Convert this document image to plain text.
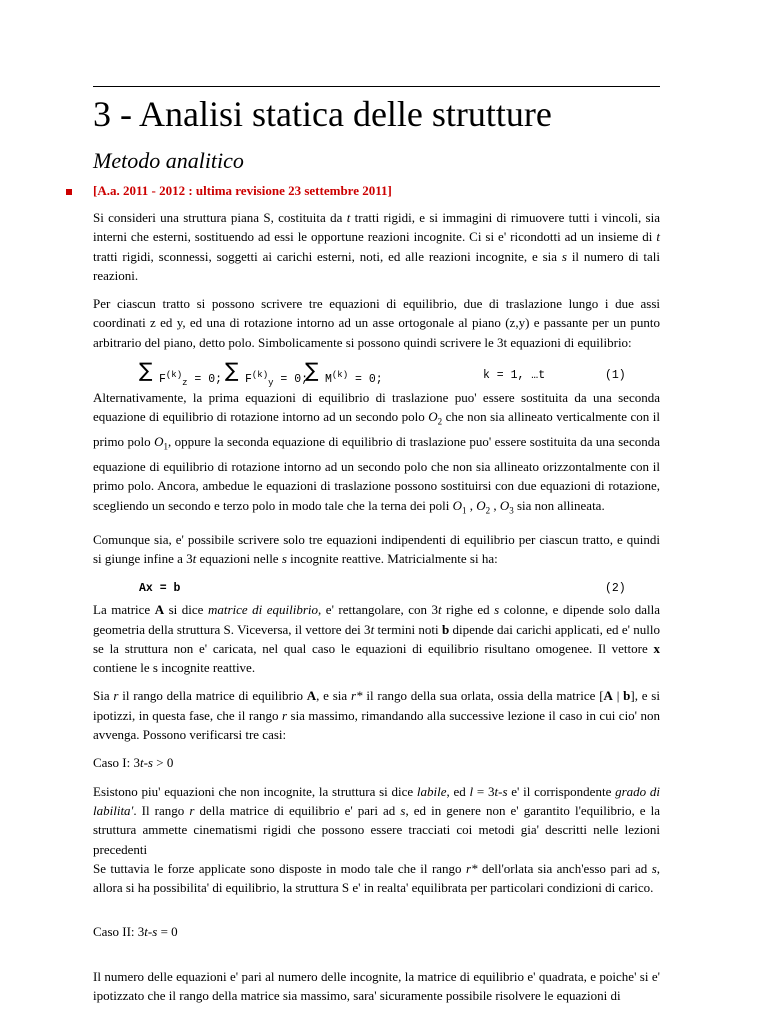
3 - Analisi statica delle strutture
Metodo analitico
[A.a. 2011 - 2012 : ultima revisione 23 settembre 2011]

Si consideri una struttura piana S, costituita da t tratti rigidi, e si immagini di rimuovere tutti i vincoli, sia interni che esterni, sostituendo ad essi le opportune reazioni incognite. Ci si e' ricondotti ad un insieme di t tratti rigidi, sconnessi, soggetti ai carichi esterni, noti, ed alle reazioni incognite, e sia s il numero di tali reazioni.

Per ciascun tratto si possono scrivere tre equazioni di equilibrio, due di traslazione lungo i due assi coordinati z ed y, ed una di rotazione intorno ad un asse ortogonale al piano (z,y) e passante per un punto arbitrario del piano, detto polo. Simbolicamente si possono quindi scrivere le 3t equazioni di equilibrio:

∑ $F^{(k)}_z = 0$; ∑ $F^{(k)}_y = 0$;
∑ $M^{(k)} = 0$;	k = 1, …t	(1)

Alternativamente, la prima equazioni di equilibrio di traslazione puo' essere sostituita da una seconda equazione di equilibrio di rotazione intorno ad un secondo polo $O_2$ che non sia allineato verticalmente con il primo polo $O_1$, oppure la seconda equazione di equilibrio di traslazione puo' essere sostituita da una seconda equazione di equilibrio di rotazione intorno ad un secondo polo che non sia allineato orizzontalmente con il primo polo. Ancora, ambedue le equazioni di traslazione possono sostituirsi con due equazioni di rotazione, scegliendo un secondo e terzo polo in modo tale che la terna dei poli $O_1$ , $O_2$ , $O_3$ sia non allineata.

Comunque sia, e' possibile scrivere solo tre equazioni indipendenti di equilibrio per ciascun tratto, e quindi si giunge infine a 3t equazioni nelle s incognite reattive. Matricialmente si ha:

Ax = b	(2)

La matrice A si dice matrice di equilibrio, e' rettangolare, con 3t righe ed s colonne, e dipende solo dalla geometria della struttura S. Viceversa, il vettore dei 3t termini noti b dipende dai carichi applicati, ed e' nullo se la struttura non e' caricata, nel qual caso le equazioni di equilibrio risultano omogenee. Il vettore x contiene le s incognite reattive.

Sia r il rango della matrice di equilibrio A, e sia r* il rango della sua orlata, ossia della matrice [A | b], e si ipotizzi, in questa fase, che il rango r sia massimo, rimandando alla successive lezione il caso in cui cio' non avvenga. Possono verificarsi tre casi:

Caso I: 3t-s > 0

Esistono piu' equazioni che non incognite, la struttura si dice labile, ed l = 3t-s e' il corrispondente grado di labilita'. Il rango r della matrice di equilibrio e' pari ad s, ed in genere non e' garantito l'equilibrio, e la struttura ammette cinematismi rigidi che possono essere tracciati coi metodi gia' descritti nelle lezioni precedenti

Se tuttavia le forze applicate sono disposte in modo tale che il rango r* dell'orlata sia anch'esso pari ad s, allora si ha possibilita' di equilibrio, la struttura S e' in realta' equilibrata per particolari condizioni di carico.

Caso II: 3t-s = 0

Il numero delle equazioni e' pari al numero delle incognite, la matrice di equilibrio e' quadrata, e poiche' si e' ipotizzato che il rango della matrice sia massimo, sara' sicuramente possibile risolvere le equazioni di
